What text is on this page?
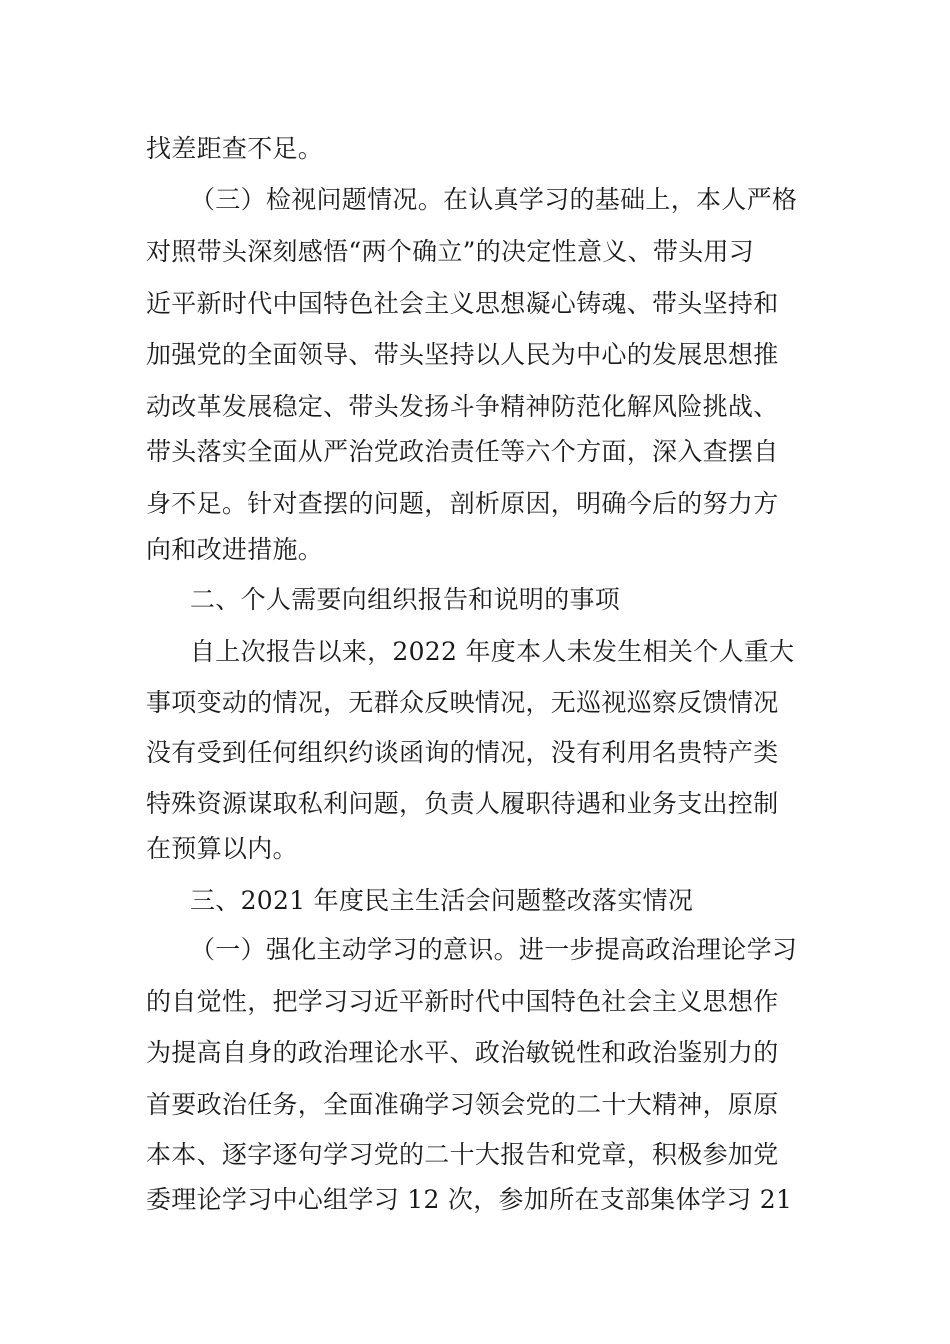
找差距查不足。
（三）检视问题情况。在认真学习的基础上，本人严格
对照带头深刻感悟“两个确立”的决定性意义、带头用习
近平新时代中国特色社会主义思想凝心铸魂、带头坚持和
加强党的全面领导、带头坚持以人民为中心的发展思想推
动改革发展稳定、带头发扬斗争精神防范化解风险挑战、
带头落实全面从严治党政治责任等六个方面，深入查摆自
身不足。针对查摆的问题，剖析原因，明确今后的努力方
向和改进措施。
二、个人需要向组织报告和说明的事项
自上次报告以来，2022 年度本人未发生相关个人重大
事项变动的情况，无群众反映情况，无巡视巡察反馈情况
没有受到任何组织约谈函询的情况，没有利用名贵特产类
特殊资源谋取私利问题，负责人履职待遇和业务支出控制
在预算以内。
三、2021 年度民主生活会问题整改落实情况
（一）强化主动学习的意识。进一步提高政治理论学习
的自觉性，把学习习近平新时代中国特色社会主义思想作
为提高自身的政治理论水平、政治敏锐性和政治鉴别力的
首要政治任务，全面准确学习领会党的二十大精神，原原
本本、逐字逐句学习党的二十大报告和党章，积极参加党
委理论学习中心组学习 12 次，参加所在支部集体学习 21
